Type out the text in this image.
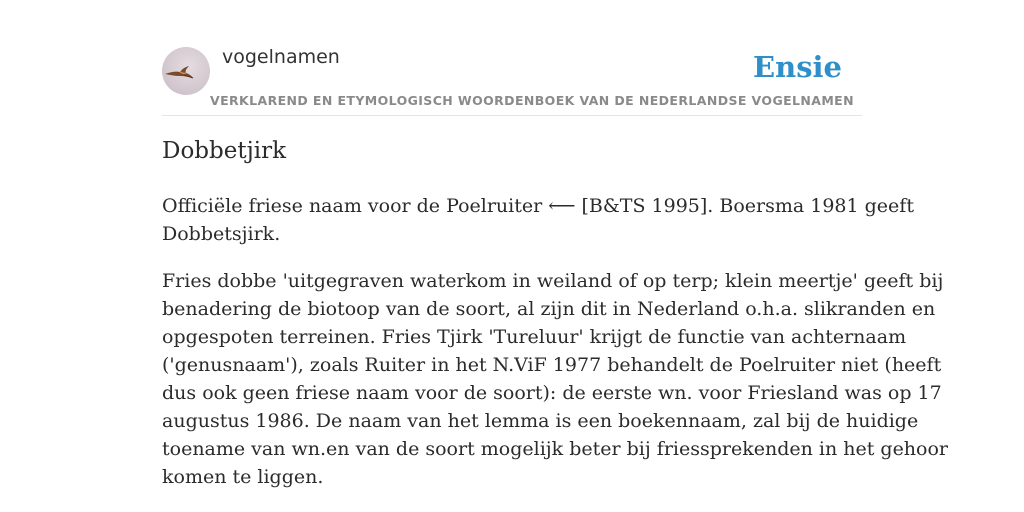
vogelnamen
VERKLAREND EN ETYMOLOGISCH WOORDENBOEK VAN DE NEDERLANDSE VOGELNAMEN
Ensie
Dobbetjirk

Officiële friese naam voor de Poelruiter ⟵ [B&TS 1995]. Boersma 1981 geeft
Dobbetsjirk.

Fries dobbe 'uitgegraven waterkom in weiland of op terp; klein meertje' geeft bij
benadering de biotoop van de soort, al zijn dit in Nederland o.h.a. slikranden en
opgespoten terreinen. Fries Tjirk 'Tureluur' krijgt de functie van achternaam
('genusnaam'), zoals Ruiter in het N.ViF 1977 behandelt de Poelruiter niet (heeft
dus ook geen friese naam voor de soort): de eerste wn. voor Friesland was op 17
augustus 1986. De naam van het lemma is een boekennaam, zal bij de huidige
toename van wn.en van de soort mogelijk beter bij friessprekenden in het gehoor
komen te liggen.
